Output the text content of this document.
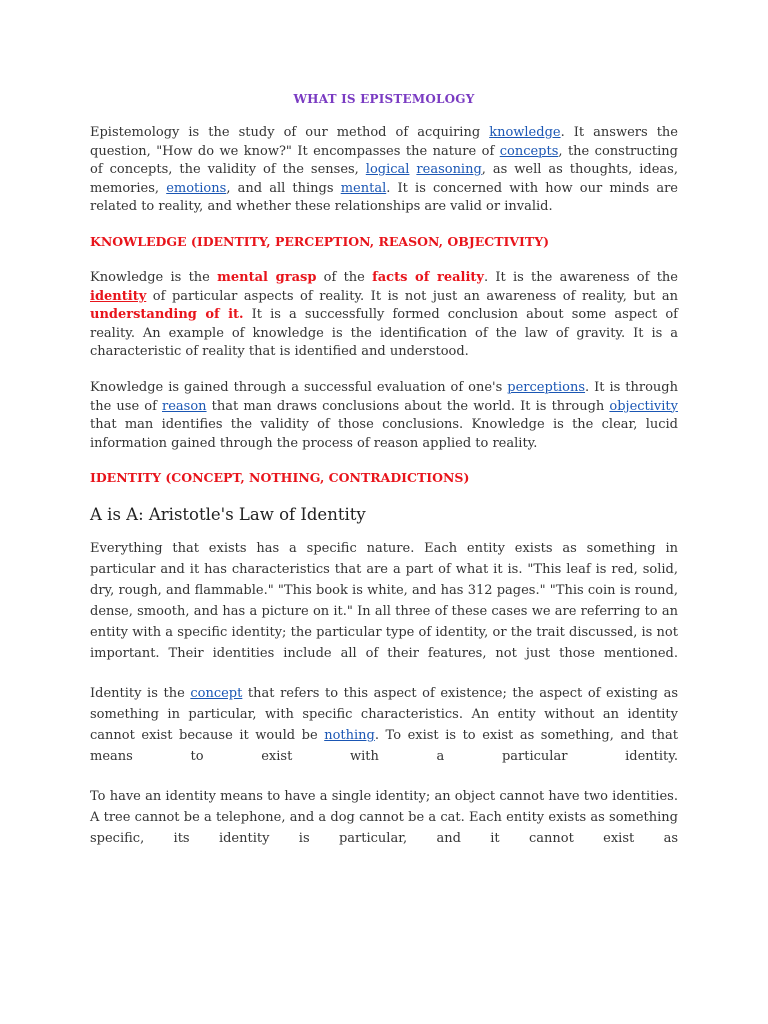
WHAT IS EPISTEMOLOGY

Epistemology is the study of our method of acquiring knowledge. It answers the question, "How do we know?" It encompasses the nature of concepts, the constructing of concepts, the validity of the senses, logical reasoning, as well as thoughts, ideas, memories, emotions, and all things mental. It is concerned with how our minds are related to reality, and whether these relationships are valid or invalid.

KNOWLEDGE (IDENTITY, PERCEPTION, REASON, OBJECTIVITY)

Knowledge is the mental grasp of the facts of reality. It is the awareness of the identity of particular aspects of reality. It is not just an awareness of reality, but an understanding of it. It is a successfully formed conclusion about some aspect of reality. An example of knowledge is the identification of the law of gravity. It is a characteristic of reality that is identified and understood.

Knowledge is gained through a successful evaluation of one's perceptions. It is through the use of reason that man draws conclusions about the world. It is through objectivity that man identifies the validity of those conclusions. Knowledge is the clear, lucid information gained through the process of reason applied to reality.

IDENTITY (CONCEPT, NOTHING, CONTRADICTIONS)
A is A: Aristotle's Law of Identity

Everything that exists has a specific nature. Each entity exists as something in particular and it has characteristics that are a part of what it is. "This leaf is red, solid, dry, rough, and flammable." "This book is white, and has 312 pages." "This coin is round, dense, smooth, and has a picture on it." In all three of these cases we are referring to an entity with a specific identity; the particular type of identity, or the trait discussed, is not important. Their identities include all of their features, not just those mentioned.

Identity is the concept that refers to this aspect of existence; the aspect of existing as something in particular, with specific characteristics. An entity without an identity cannot exist because it would be nothing. To exist is to exist as something, and that means to exist with a particular identity.

To have an identity means to have a single identity; an object cannot have two identities. A tree cannot be a telephone, and a dog cannot be a cat. Each entity exists as something specific, its identity is particular, and it cannot exist as
